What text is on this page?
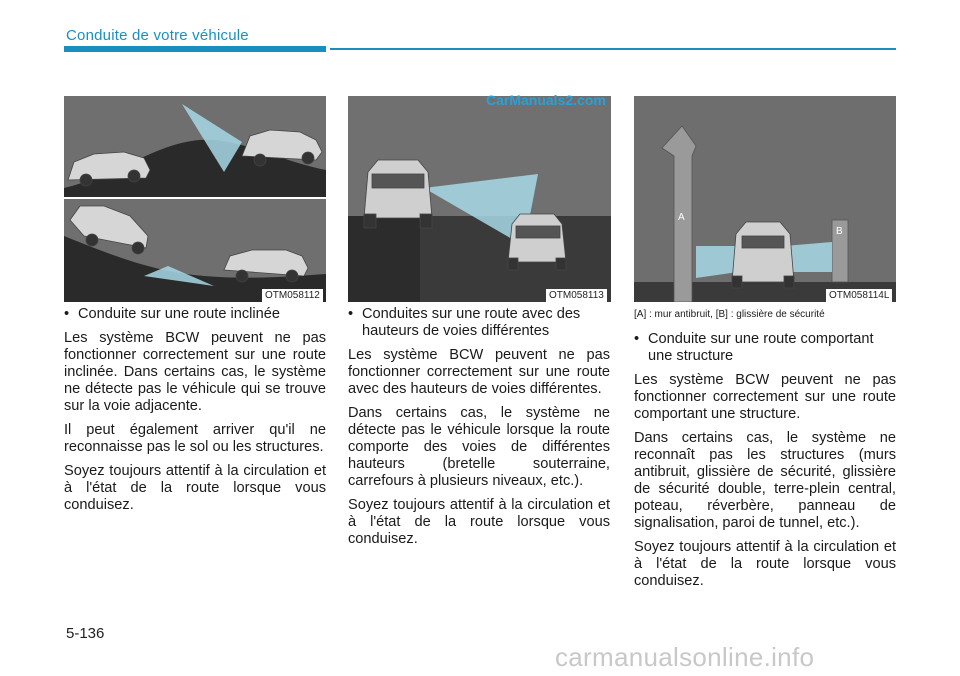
Conduite de votre véhicule
OTM058112	OTM058113
A
B
OTM058114L
CarManuals2.com
• Conduite sur une route inclinée

Les système BCW peuvent ne pas fonctionner correctement sur une route inclinée. Dans certains cas, le système ne détecte pas le véhicule qui se trouve sur la voie adjacente.

Il peut également arriver qu'il ne reconnaisse pas le sol ou les structures.

Soyez toujours attentif à la circulation et à l'état de la route lorsque vous conduisez.

• Conduites sur une route avec des hauteurs de voies différentes

Les système BCW peuvent ne pas fonctionner correctement sur une route avec des hauteurs de voies différentes.

Dans certains cas, le système ne détecte pas le véhicule lorsque la route comporte des voies de différentes hauteurs (bretelle souterraine, carrefours à plusieurs niveaux, etc.).

Soyez toujours attentif à la circulation et à l'état de la route lorsque vous conduisez.

[A] : mur antibruit, [B] : glissière de sécurité
• Conduite sur une route comportant une structure

Les système BCW peuvent ne pas fonctionner correctement sur une route comportant une structure.

Dans certains cas, le système ne reconnaît pas les structures (murs antibruit, glissière de sécurité, glissière de sécurité double, terre-plein central, poteau, réverbère, panneau de signalisation, paroi de tunnel, etc.).

Soyez toujours attentif à la circulation et à l'état de la route lorsque vous conduisez.

5-136
carmanualsonline.info
